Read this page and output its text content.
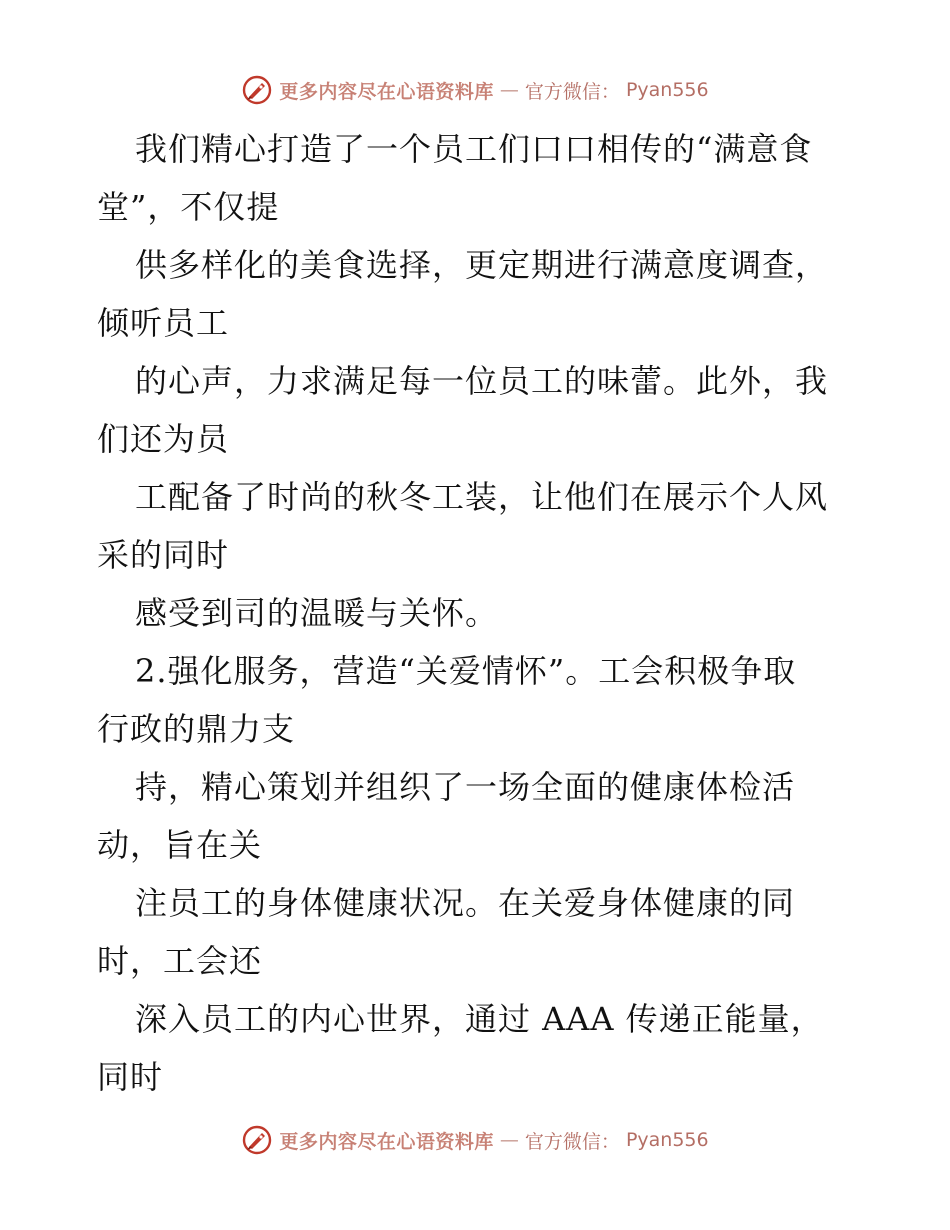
更多内容尽在心语资料库 — 官方微信： Pyan556
我们精心打造了一个员工们口口相传的“满意食
堂”，不仅提
供多样化的美食选择，更定期进行满意度调查，
倾听员工
的心声，力求满足每一位员工的味蕾。此外，我
们还为员
工配备了时尚的秋冬工装，让他们在展示个人风
采的同时
感受到司的温暖与关怀。
2.强化服务，营造“关爱情怀”。工会积极争取
行政的鼎力支
持，精心策划并组织了一场全面的健康体检活
动，旨在关
注员工的身体健康状况。在关爱身体健康的同
时，工会还
深入员工的内心世界，通过 AAA 传递正能量，
同时
更多内容尽在心语资料库 — 官方微信： Pyan556
